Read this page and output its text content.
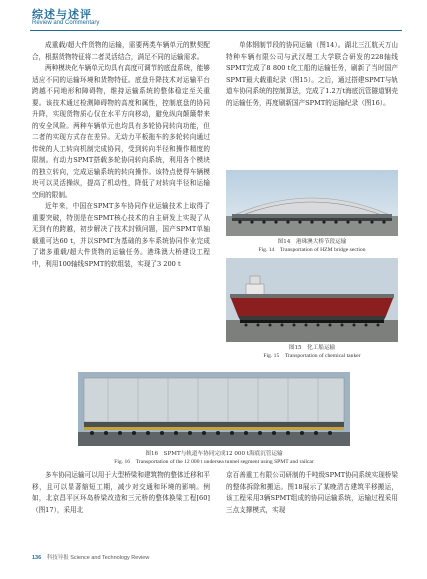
综述与述评
Review and Commentary

成重载/超大件货物的运输，需要两类车辆单元的默契配合，根据货物特征将二者灵活结合，满足不同的运输需求。

两种模块化车辆单元均具有高度可调节的底盘系统，能够适应不同的运输环境和货物特征。底盘升降技术对运输平台跨越不同地形和障碍物，维持运输系统的整体稳定至关重要。该技术通过检测障碍物的高度和属性，控制底盘的协同升降，实现货物质心仅在水平方向移动，避免纵向颠簸带来的安全风险。两种车辆单元也均具有多轮协同转向功能，但二者的实现方式存在差异。无动力平板拖车的多轮转向通过传统的人工转向机制完成协同，受到转向半径和操作精度的限制。有动力SPMT搭载多轮协同转向系统，利用各个模块的独立转向，完成运输系统的转向操作。该特点使得车辆模块可以灵活操纵，提高了机动性，降低了对转向半径和运输空间的限制。

近年来，中国在SPMT多车协同作业运输技术上取得了重要突破，特别是在SPMT核心技术的自主研发上实现了从无到有的跨越，初步解决了技术封锁问题，国产SPMT单轴载重可达60 t，并以SPMT为基础的多车系统协同作业完成了诸多重载/超大件货物的运输任务。港珠澳大桥建设工程中，利用100轴线SPMT的软组装，实现了3 200 t

单体钢制节段的协同运输（图14）。湖北三江航天万山特种车辆有限公司与武汉理工大学联合研发的228轴线SPMT完成了8 800 t化工船的运输任务，刷新了当时国产SPMT最大载重纪录（图15）。之后，通过搭建SPMT与轨道车协同系统的控制算法，完成了1.2万t海底沉管隧道钢壳的运输任务，再度刷新国产SPMT的运输纪录（图16）。

图14　港珠澳大桥节段运输
Fig. 14　Transportation of HZM bridge section
图15　化工船运输
Fig. 15　Transportation of chemical tanker
图16　SPMT与轨道车协同完成12 000 t海底沉管运输
Fig. 16　Transportation of the 12 000 t undersea tunnel segment using SPMT and railcar

多车协同运输可以用于大型桥梁和建筑物的整体迁移和平移，且可以显著缩短工期，减少对交通和环境的影响。例如，北京昌平区环岛桥梁改造和三元桥的整体换梁工程[60]（图17），采用北

京百善重工有限公司研制的千吨级SPMT协同系统实现桥梁的整体拆除和搬运。图18展示了某晚清古建筑平移搬运，该工程采用3辆SPMT组成的协同运输系统，运输过程采用三点支撑模式，实现

136 科技导报 Science and Technology Review
